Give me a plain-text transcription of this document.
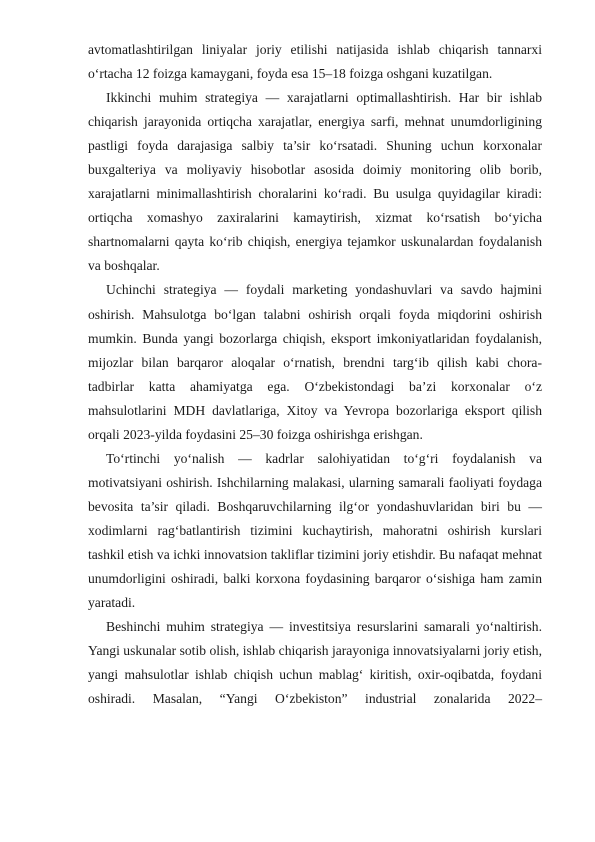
avtomatlashtirilgan liniyalar joriy etilishi natijasida ishlab chiqarish tannarxi o‘rtacha 12 foizga kamaygani, foyda esa 15–18 foizga oshgani kuzatilgan.

Ikkinchi muhim strategiya — xarajatlarni optimallashtirish. Har bir ishlab chiqarish jarayonida ortiqcha xarajatlar, energiya sarfi, mehnat unumdorligining pastligi foyda darajasiga salbiy ta’sir ko‘rsatadi. Shuning uchun korxonalar buxgalteriya va moliyaviy hisobotlar asosida doimiy monitoring olib borib, xarajatlarni minimallashtirish choralarini ko‘radi. Bu usulga quyidagilar kiradi: ortiqcha xomashyo zaxiralarini kamaytirish, xizmat ko‘rsatish bo‘yicha shartnomalarni qayta ko‘rib chiqish, energiya tejamkor uskunalardan foydalanish va boshqalar.

Uchinchi strategiya — foydali marketing yondashuvlari va savdo hajmini oshirish. Mahsulotga bo‘lgan talabni oshirish orqali foyda miqdorini oshirish mumkin. Bunda yangi bozorlarga chiqish, eksport imkoniyatlaridan foydalanish, mijozlar bilan barqaror aloqalar o‘rnatish, brendni targ‘ib qilish kabi chora-tadbirlar katta ahamiyatga ega. O‘zbekistondagi ba’zi korxonalar o‘z mahsulotlarini MDH davlatlariga, Xitoy va Yevropa bozorlariga eksport qilish orqali 2023-yilda foydasini 25–30 foizga oshirishga erishgan.

To‘rtinchi yo‘nalish — kadrlar salohiyatidan to‘g‘ri foydalanish va motivatsiyani oshirish. Ishchilarning malakasi, ularning samarali faoliyati foydaga bevosita ta’sir qiladi. Boshqaruvchilarning ilg‘or yondashuvlaridan biri bu — xodimlarni rag‘batlantirish tizimini kuchaytirish, mahoratni oshirish kurslari tashkil etish va ichki innovatsion takliflar tizimini joriy etishdir. Bu nafaqat mehnat unumdorligini oshiradi, balki korxona foydasining barqaror o‘sishiga ham zamin yaratadi.

Beshinchi muhim strategiya — investitsiya resurslarini samarali yo‘naltirish. Yangi uskunalar sotib olish, ishlab chiqarish jarayoniga innovatsiyalarni joriy etish, yangi mahsulotlar ishlab chiqish uchun mablag‘ kiritish, oxir-oqibatda, foydani oshiradi. Masalan, “Yangi O‘zbekiston” industrial zonalarida 2022–
